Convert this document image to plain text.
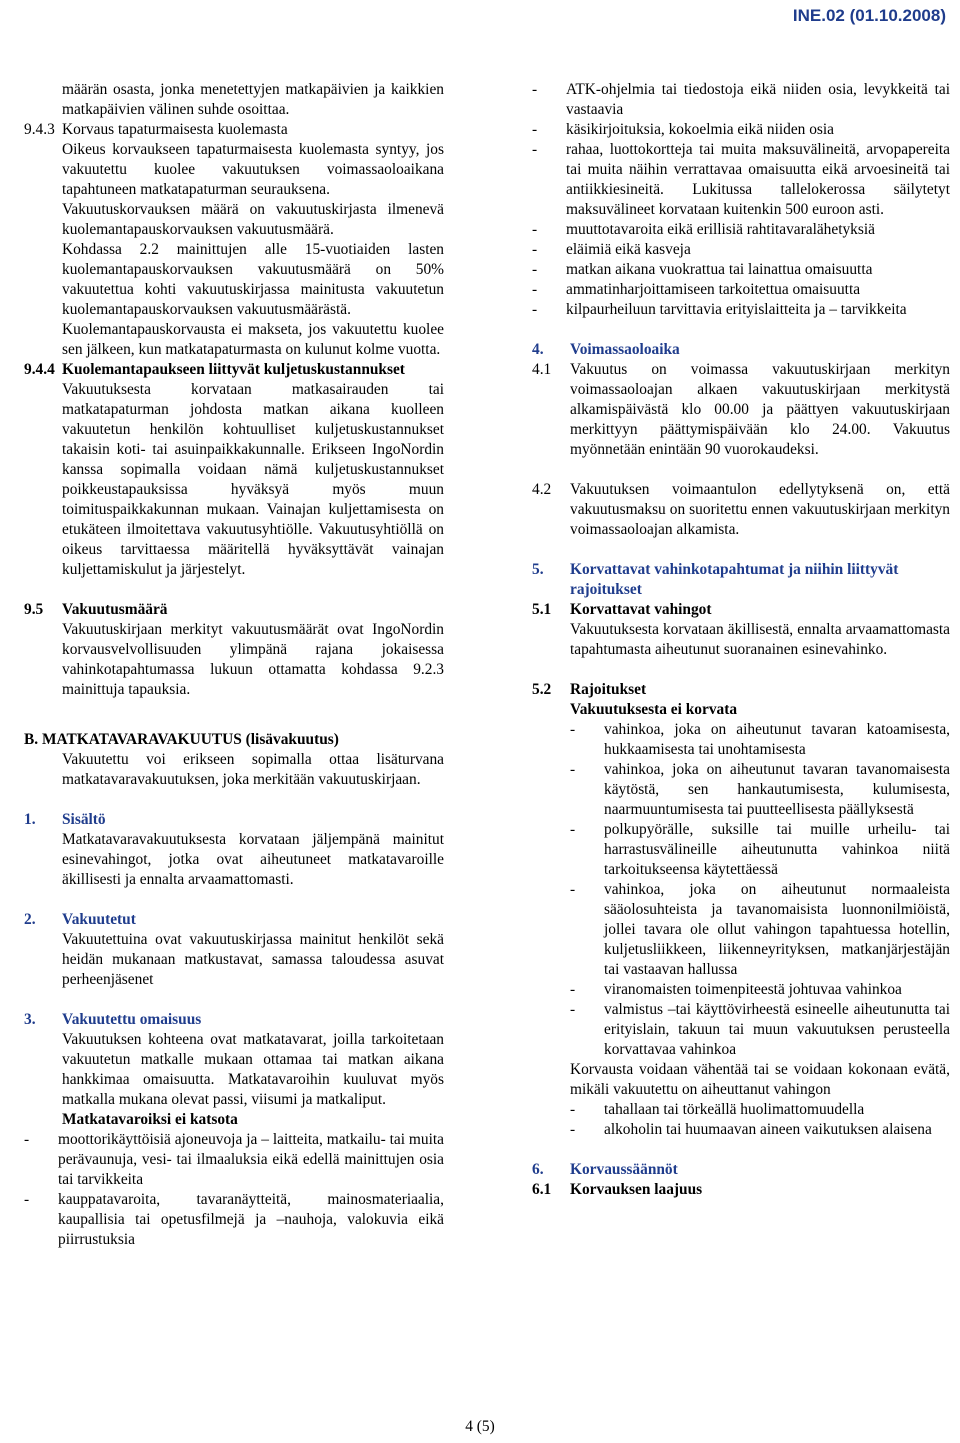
INE.02 (01.10.2008)

määrän osasta, jonka menetettyjen matkapäivien ja kaikkien matkapäivien välinen suhde osoittaa.

9.4.3 Korvaus tapaturmaisesta kuolemasta

Oikeus korvaukseen tapaturmaisesta kuolemasta syntyy, jos vakuutettu kuolee vakuutuksen voimassaoloaikana tapahtuneen matkatapaturman seurauksena.

Vakuutuskorvauksen määrä on vakuutuskirjasta ilmenevä kuolemantapauskorvauksen vakuutusmäärä.

Kohdassa 2.2 mainittujen alle 15-vuotiaiden lasten kuolemantapauskorvauksen vakuutusmäärä on 50% vakuutettua kohti vakuutuskirjassa mainitusta vakuutetun kuolemantapauskorvauksen vakuutusmäärästä.

Kuolemantapauskorvausta ei makseta, jos vakuutettu kuolee sen jälkeen, kun matkatapaturmasta on kulunut kolme vuotta.

9.4.4 Kuolemantapaukseen liittyvät kuljetuskustannukset

Vakuutuksesta korvataan matkasairauden tai matkatapaturman johdosta matkan aikana kuolleen vakuutetun henkilön kohtuulliset kuljetuskustannukset takaisin koti- tai asuinpaikkakunnalle. Erikseen IngoNordin kanssa sopimalla voidaan nämä kuljetuskustannukset poikkeustapauksissa hyväksyä myös muun toimituspaikkakunnan mukaan. Vainajan kuljettamisesta on etukäteen ilmoitettava vakuutusyhtiölle. Vakuutusyhtiöllä on oikeus tarvittaessa määritellä hyväksyttävät vainajan kuljettamiskulut ja järjestelyt.

9.5	Vakuutusmäärä

Vakuutuskirjaan merkityt vakuutusmäärät ovat IngoNordin korvausvelvollisuuden ylimpänä rajana jokaisessa vahinkotapahtumassa lukuun ottamatta kohdassa 9.2.3 mainittuja tapauksia.

B. MATKATAVARAVAKUUTUS (lisävakuutus)

Vakuutettu voi erikseen sopimalla ottaa lisäturvana matkatavaravakuutuksen, joka merkitään vakuutuskirjaan.

1.	Sisältö

Matkatavaravakuutuksesta korvataan jäljempänä mainitut esinevahingot, jotka ovat aiheutuneet matkatavaroille äkillisesti ja ennalta arvaamattomasti.

2.	Vakuutetut

Vakuutettuina ovat vakuutuskirjassa mainitut henkilöt sekä heidän mukanaan matkustavat, samassa taloudessa asuvat perheenjäsenet

3.	Vakuutettu omaisuus

Vakuutuksen kohteena ovat matkatavarat, joilla tarkoitetaan vakuutetun matkalle mukaan ottamaa tai matkan aikana hankkimaa omaisuutta. Matkatavaroihin kuuluvat myös matkalla mukana olevat passi, viisumi ja matkaliput.

Matkatavaroiksi ei katsota

-	moottorikäyttöisiä ajoneuvoja ja – laitteita, matkailu- tai muita perävaunuja, vesi- tai ilmaaluksia eikä edellä mainittujen osia tai tarvikkeita
-	kauppatavaroita, tavaranäytteitä, mainosmateriaalia, kaupallisia tai opetusfilmejä ja –nauhoja, valokuvia eikä piirrustuksia
-	ATK-ohjelmia tai tiedostoja eikä niiden osia, levykkeitä tai vastaavia
-	käsikirjoituksia, kokoelmia eikä niiden osia
-	rahaa, luottokortteja tai muita maksuvälineitä, arvopapereita tai muita näihin verrattavaa omaisuutta eikä arvoesineitä tai antiikkiesineitä. Lukitussa tallelokerossa säilytetyt maksuvälineet korvataan kuitenkin 500 euroon asti.
-	muuttotavaroita eikä erillisiä rahtitavaralähetyksiä
-	eläimiä eikä kasveja
-	matkan aikana vuokrattua tai lainattua omaisuutta
-	ammatinharjoittamiseen tarkoitettua omaisuutta
-	kilpaurheiluun tarvittavia erityislaitteita ja – tarvikkeita
4.	Voimassaoloaika

4.1	Vakuutus on voimassa vakuutuskirjaan merkityn voimassaoloajan alkaen vakuutuskirjaan merkitystä alkamispäivästä klo 00.00 ja päättyen vakuutuskirjaan merkittyyn päättymispäivään klo 24.00. Vakuutus myönnetään enintään 90 vuorokaudeksi.

4.2	Vakuutuksen voimaantulon edellytyksenä on, että vakuutusmaksu on suoritettu ennen vakuutuskirjaan merkityn voimassaoloajan alkamista.

5.	Korvattavat vahinkotapahtumat ja niihin liittyvät rajoitukset

5.1	Korvattavat vahingot

Vakuutuksesta korvataan äkillisestä, ennalta arvaamattomasta tapahtumasta aiheutunut suoranainen esinevahinko.

5.2	Rajoitukset

Vakuutuksesta ei korvata

-	vahinkoa, joka on aiheutunut tavaran katoamisesta, hukkaamisesta tai unohtamisesta
-	vahinkoa, joka on aiheutunut tavaran tavanomaisesta käytöstä, sen hankautumisesta, kulumisesta, naarmuuntumisesta tai puutteellisesta päällyksestä
-	polkupyörälle, suksille tai muille urheilu- tai harrastusvälineille aiheutunutta vahinkoa niitä tarkoitukseensa käytettäessä
-	vahinkoa, joka on aiheutunut normaaleista sääolosuhteista ja tavanomaisista luonnonilmiöistä, jollei tavara ole ollut vahingon tapahtuessa hotellin, kuljetusliikkeen, liikenneyrityksen, matkanjärjestäjän tai vastaavan hallussa
-	viranomaisten toimenpiteestä johtuvaa vahinkoa
-	valmistus –tai käyttövirheestä esineelle aiheutunutta tai erityislain, takuun tai muun vakuutuksen perusteella korvattavaa vahinkoa

Korvausta voidaan vähentää tai se voidaan kokonaan evätä, mikäli vakuutettu on aiheuttanut vahingon

-	tahallaan tai törkeällä huolimattomuudella
-	alkoholin tai huumaavan aineen vaikutuksen alaisena
6.	Korvaussäännöt

6.1	Korvauksen laajuus

4 (5)
